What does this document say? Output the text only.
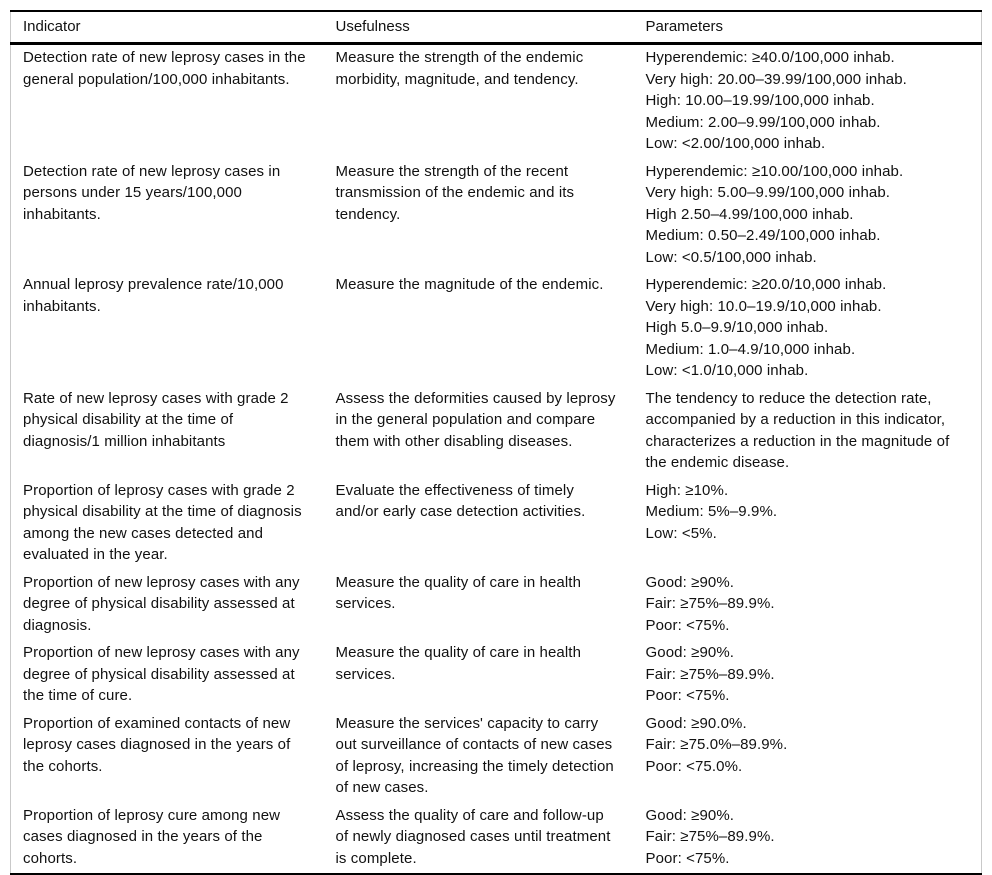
Indicator	Usefulness	Parameters
Detection rate of new leprosy cases in the general population/100,000 inhabitants.	Measure the strength of the endemic morbidity, magnitude, and tendency.	Hyperendemic: ≥40.0/100,000 inhab.
Very high: 20.00–39.99/100,000 inhab.
High: 10.00–19.99/100,000 inhab.
Medium: 2.00–9.99/100,000 inhab.
Low: <2.00/100,000 inhab.

Detection rate of new leprosy cases in persons under 15 years/100,000 inhabitants.	Measure the strength of the recent transmission of the endemic and its tendency.	Hyperendemic: ≥10.00/100,000 inhab.
Very high: 5.00–9.99/100,000 inhab.
High 2.50–4.99/100,000 inhab.
Medium: 0.50–2.49/100,000 inhab.
Low: <0.5/100,000 inhab.

Annual leprosy prevalence rate/10,000 inhabitants.	Measure the magnitude of the endemic.	Hyperendemic: ≥20.0/10,000 inhab.
Very high: 10.0–19.9/10,000 inhab.
High 5.0–9.9/10,000 inhab.
Medium: 1.0–4.9/10,000 inhab.
Low: <1.0/10,000 inhab.

Rate of new leprosy cases with grade 2 physical disability at the time of diagnosis/1 million inhabitants	Assess the deformities caused by leprosy in the general population and compare them with other disabling diseases.	The tendency to reduce the detection rate, accompanied by a reduction in this indicator, characterizes a reduction in the magnitude of the endemic disease.

Proportion of leprosy cases with grade 2 physical disability at the time of diagnosis among the new cases detected and evaluated in the year.	Evaluate the effectiveness of timely and/or early case detection activities.	High: ≥10%.
Medium: 5%–9.9%.
Low: <5%.

Proportion of new leprosy cases with any degree of physical disability assessed at diagnosis.	Measure the quality of care in health services.	Good: ≥90%.
Fair: ≥75%–89.9%.
Poor: <75%.

Proportion of new leprosy cases with any degree of physical disability assessed at the time of cure.	Measure the quality of care in health services.	Good: ≥90%.
Fair: ≥75%–89.9%.
Poor: <75%.

Proportion of examined contacts of new leprosy cases diagnosed in the years of the cohorts.	Measure the services' capacity to carry out surveillance of contacts of new cases of leprosy, increasing the timely detection of new cases.	Good: ≥90.0%.
Fair: ≥75.0%–89.9%.
Poor: <75.0%.

Proportion of leprosy cure among new cases diagnosed in the years of the cohorts.	Assess the quality of care and follow-up of newly diagnosed cases until treatment is complete.	Good: ≥90%.
Fair: ≥75%–89.9%.
Poor: <75%.
